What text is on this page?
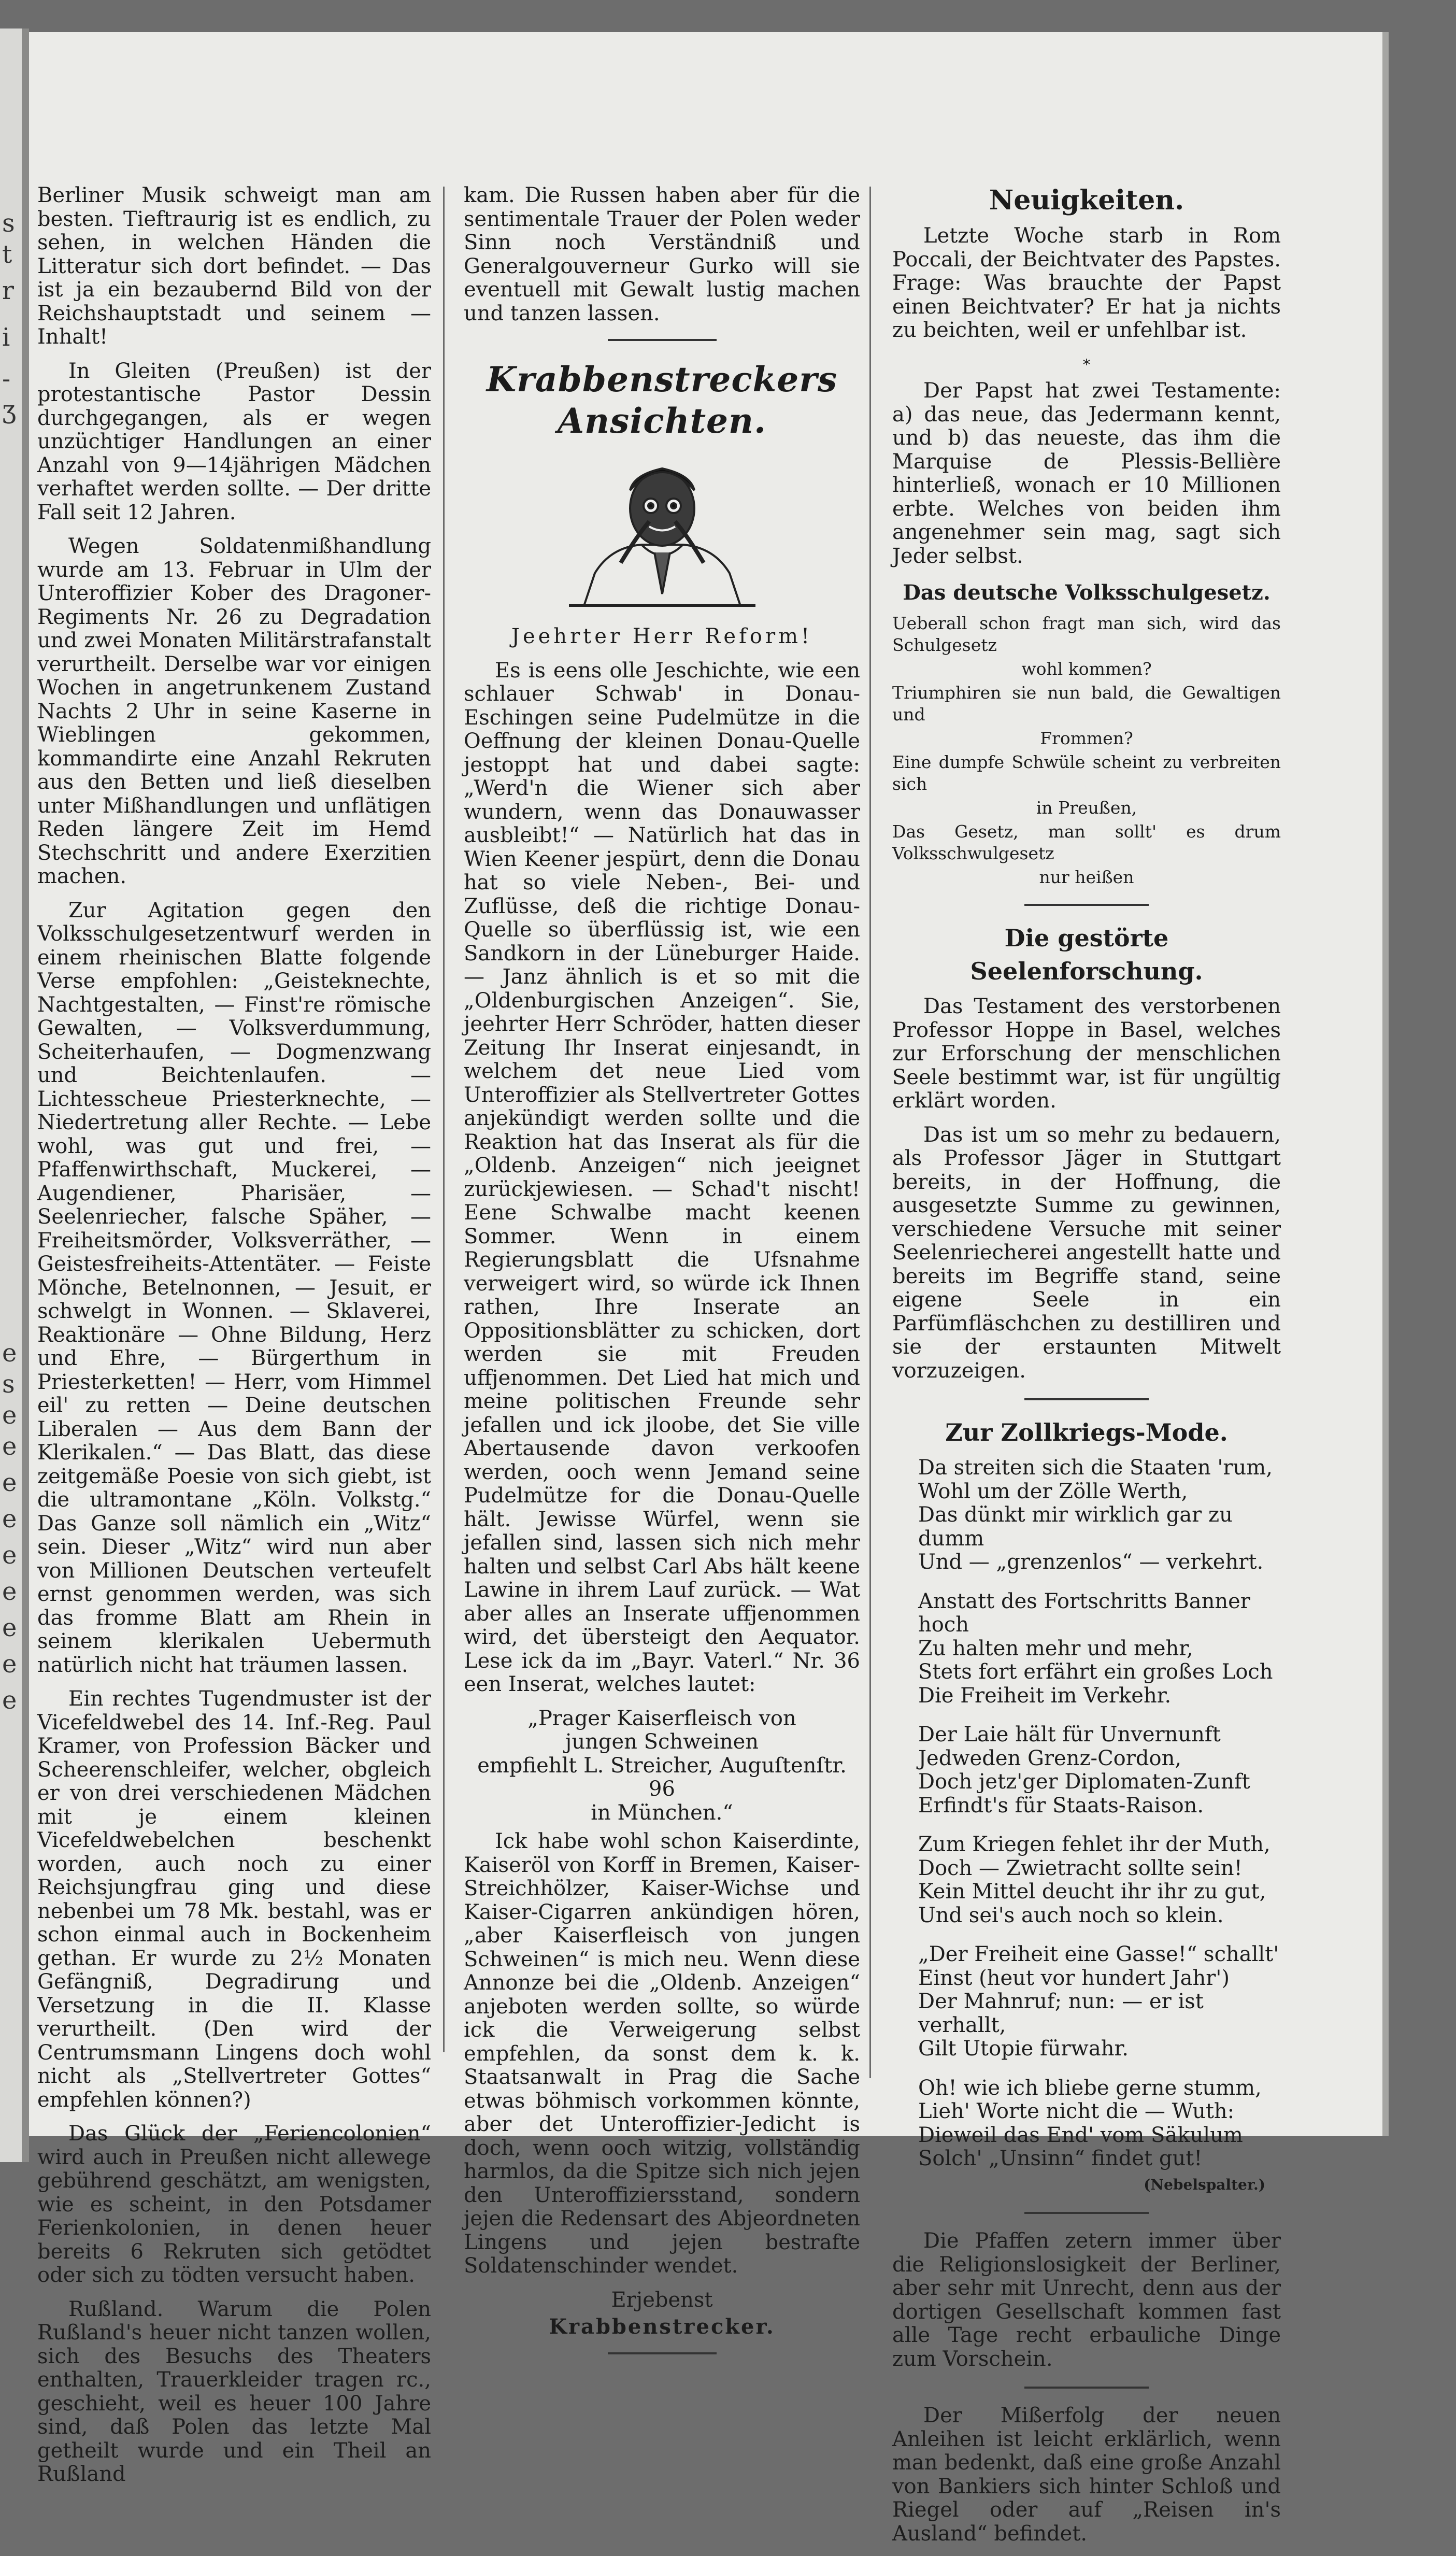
s
t
r
i
-
ʒ
e
s
e
e
e
e
e
e
e
e
e

Berliner Musik schweigt man am besten. Tieftraurig ist es endlich, zu sehen, in welchen Händen die Litteratur sich dort befindet. — Das ist ja ein bezaubernd Bild von der Reichshauptstadt und seinem — Inhalt!

In Gleiten (Preußen) ist der protestantische Pastor Dessin durchgegangen, als er wegen unzüchtiger Handlungen an einer Anzahl von 9—14jährigen Mädchen verhaftet werden sollte. — Der dritte Fall seit 12 Jahren.

Wegen Soldatenmißhandlung wurde am 13. Februar in Ulm der Unteroffizier Kober des Dragoner-Regiments Nr. 26 zu Degradation und zwei Monaten Militärstrafanstalt verurtheilt. Derselbe war vor einigen Wochen in angetrunkenem Zustand Nachts 2 Uhr in seine Kaserne in Wieblingen gekommen, kommandirte eine Anzahl Rekruten aus den Betten und ließ dieselben unter Mißhandlungen und unflätigen Reden längere Zeit im Hemd Stechschritt und andere Exerzitien machen.

Zur Agitation gegen den Volksschulgesetzentwurf werden in einem rheinischen Blatte folgende Verse empfohlen: „Geisteknechte, Nachtgestalten, — Finst're römische Gewalten, — Volksverdummung, Scheiterhaufen, — Dogmenzwang und Beichtenlaufen. — Lichtesscheue Priesterknechte, — Niedertretung aller Rechte. — Lebe wohl, was gut und frei, — Pfaffenwirthschaft, Muckerei, — Augendiener, Pharisäer, — Seelenriecher, falsche Späher, — Freiheitsmörder, Volksverräther, — Geistesfreiheits-Attentäter. — Feiste Mönche, Betelnonnen, — Jesuit, er schwelgt in Wonnen. — Sklaverei, Reaktionäre — Ohne Bildung, Herz und Ehre, — Bürgerthum in Priesterketten! — Herr, vom Himmel eil' zu retten — Deine deutschen Liberalen — Aus dem Bann der Klerikalen.“ — Das Blatt, das diese zeitgemäße Poesie von sich giebt, ist die ultramontane „Köln. Volkstg.“ Das Ganze soll nämlich ein „Witz“ sein. Dieser „Witz“ wird nun aber von Millionen Deutschen verteufelt ernst genommen werden, was sich das fromme Blatt am Rhein in seinem klerikalen Uebermuth natürlich nicht hat träumen lassen.

Ein rechtes Tugendmuster ist der Vicefeldwebel des 14. Inf.-Reg. Paul Kramer, von Profession Bäcker und Scheerenschleifer, welcher, obgleich er von drei verschiedenen Mädchen mit je einem kleinen Vicefeldwebelchen beschenkt worden, auch noch zu einer Reichsjungfrau ging und diese nebenbei um 78 Mk. bestahl, was er schon einmal auch in Bockenheim gethan. Er wurde zu 2½ Monaten Gefängniß, Degradirung und Versetzung in die II. Klasse verurtheilt. (Den wird der Centrumsmann Lingens doch wohl nicht als „Stellvertreter Gottes“ empfehlen können?)

Das Glück der „Feriencolonien“ wird auch in Preußen nicht allewege gebührend geschätzt, am wenigsten, wie es scheint, in den Potsdamer Ferienkolonien, in denen heuer bereits 6 Rekruten sich getödtet oder sich zu tödten versucht haben.

Rußland. Warum die Polen Rußland's heuer nicht tanzen wollen, sich des Besuchs des Theaters enthalten, Trauerkleider tragen rc., geschieht, weil es heuer 100 Jahre sind, daß Polen das letzte Mal getheilt wurde und ein Theil an Rußland

kam. Die Russen haben aber für die sentimentale Trauer der Polen weder Sinn noch Verständniß und Generalgouverneur Gurko will sie eventuell mit Gewalt lustig machen und tanzen lassen.

Krabbenstreckers Ansichten.
Jeehrter Herr Reform!

Es is eens olle Jeschichte, wie een schlauer Schwab' in Donau-Eschingen seine Pudelmütze in die Oeffnung der kleinen Donau-Quelle jestoppt hat und dabei sagte: „Werd'n die Wiener sich aber wundern, wenn das Donauwasser ausbleibt!“ — Natürlich hat das in Wien Keener jespürt, denn die Donau hat so viele Neben-, Bei- und Zuflüsse, deß die richtige Donau-Quelle so überflüssig ist, wie een Sandkorn in der Lüneburger Haide. — Janz ähnlich is et so mit die „Oldenburgischen Anzeigen“. Sie, jeehrter Herr Schröder, hatten dieser Zeitung Ihr Inserat einjesandt, in welchem det neue Lied vom Unteroffizier als Stellvertreter Gottes anjekündigt werden sollte und die Reaktion hat das Inserat als für die „Oldenb. Anzeigen“ nich jeeignet zurückjewiesen. — Schad't nischt! Eene Schwalbe macht keenen Sommer. Wenn in einem Regierungsblatt die Ufsnahme verweigert wird, so würde ick Ihnen rathen, Ihre Inserate an Oppositionsblätter zu schicken, dort werden sie mit Freuden uffjenommen. Det Lied hat mich und meine politischen Freunde sehr jefallen und ick jloobe, det Sie ville Abertausende davon verkoofen werden, ooch wenn Jemand seine Pudelmütze for die Donau-Quelle hält. Jewisse Würfel, wenn sie jefallen sind, lassen sich nich mehr halten und selbst Carl Abs hält keene Lawine in ihrem Lauf zurück. — Wat aber alles an Inserate uffjenommen wird, det übersteigt den Aequator. Lese ick da im „Bayr. Vaterl.“ Nr. 36 een Inserat, welches lautet:

„Prager Kaiserfleisch von
jungen Schweinen
empfiehlt L. Streicher, Auguſtenſtr. 96
in München.“

Ick habe wohl schon Kaiserdinte, Kaiseröl von Korff in Bremen, Kaiser-Streichhölzer, Kaiser-Wichse und Kaiser-Cigarren ankündigen hören, „aber Kaiserfleisch von jungen Schweinen“ is mich neu. Wenn diese Annonze bei die „Oldenb. Anzeigen“ anjeboten werden sollte, so würde ick die Verweigerung selbst empfehlen, da sonst dem k. k. Staatsanwalt in Prag die Sache etwas böhmisch vorkommen könnte, aber det Unteroffizier-Jedicht is doch, wenn ooch witzig, vollständig harmlos, da die Spitze sich nich jejen den Unteroffiziersstand, sondern jejen die Redensart des Abjeordneten Lingens und jejen bestrafte Soldatenschinder wendet.

Erjebenst
Krabbenstrecker.
Neuigkeiten.

Letzte Woche starb in Rom Poccali, der Beichtvater des Papstes. Frage: Was brauchte der Papst einen Beichtvater? Er hat ja nichts zu beichten, weil er unfehlbar ist.

*

Der Papst hat zwei Testamente: a) das neue, das Jedermann kennt, und b) das neueste, das ihm die Marquise de Plessis-Bellière hinterließ, wonach er 10 Millionen erbte. Welches von beiden ihm angenehmer sein mag, sagt sich Jeder selbst.

Das deutsche Volksschulgesetz.

Ueberall schon fragt man sich, wird das Schulgesetz

wohl kommen?

Triumphiren sie nun bald, die Gewaltigen und

Frommen?

Eine dumpfe Schwüle scheint zu verbreiten sich

in Preußen,

Das Gesetz, man sollt' es drum Volksschwulgesetz

nur heißen

Die gestörte Seelenforschung.

Das Testament des verstorbenen Professor Hoppe in Basel, welches zur Erforschung der menschlichen Seele bestimmt war, ist für ungültig erklärt worden.

Das ist um so mehr zu bedauern, als Professor Jäger in Stuttgart bereits, in der Hoffnung, die ausgesetzte Summe zu gewinnen, verschiedene Versuche mit seiner Seelenriecherei angestellt hatte und bereits im Begriffe stand, seine eigene Seele in ein Parfümfläschchen zu destilliren und sie der erstaunten Mitwelt vorzuzeigen.

Zur Zollkriegs-Mode.
Da streiten sich die Staaten 'rum,
Wohl um der Zölle Werth,
Das dünkt mir wirklich gar zu dumm
Und — „grenzenlos“ — verkehrt.
Anstatt des Fortschritts Banner hoch
Zu halten mehr und mehr,
Stets fort erfährt ein großes Loch
Die Freiheit im Verkehr.
Der Laie hält für Unvernunft
Jedweden Grenz-Cordon,
Doch jetz'ger Diplomaten-Zunft
Erfindt's für Staats-Raison.
Zum Kriegen fehlet ihr der Muth,
Doch — Zwietracht sollte sein!
Kein Mittel deucht ihr ihr zu gut,
Und sei's auch noch so klein.
„Der Freiheit eine Gasse!“ schallt'
Einst (heut vor hundert Jahr')
Der Mahnruf; nun: — er ist verhallt,
Gilt Utopie fürwahr.
Oh! wie ich bliebe gerne stumm,
Lieh' Worte nicht die — Wuth:
Dieweil das End' vom Säkulum
Solch' „Unsinn“ findet gut!
(Nebelspalter.)

Die Pfaffen zetern immer über die Religionslosigkeit der Berliner, aber sehr mit Unrecht, denn aus der dortigen Gesellschaft kommen fast alle Tage recht erbauliche Dinge zum Vorschein.

Der Mißerfolg der neuen Anleihen ist leicht erklärlich, wenn man bedenkt, daß eine große Anzahl von Bankiers sich hinter Schloß und Riegel oder auf „Reisen in's Ausland“ befindet.
